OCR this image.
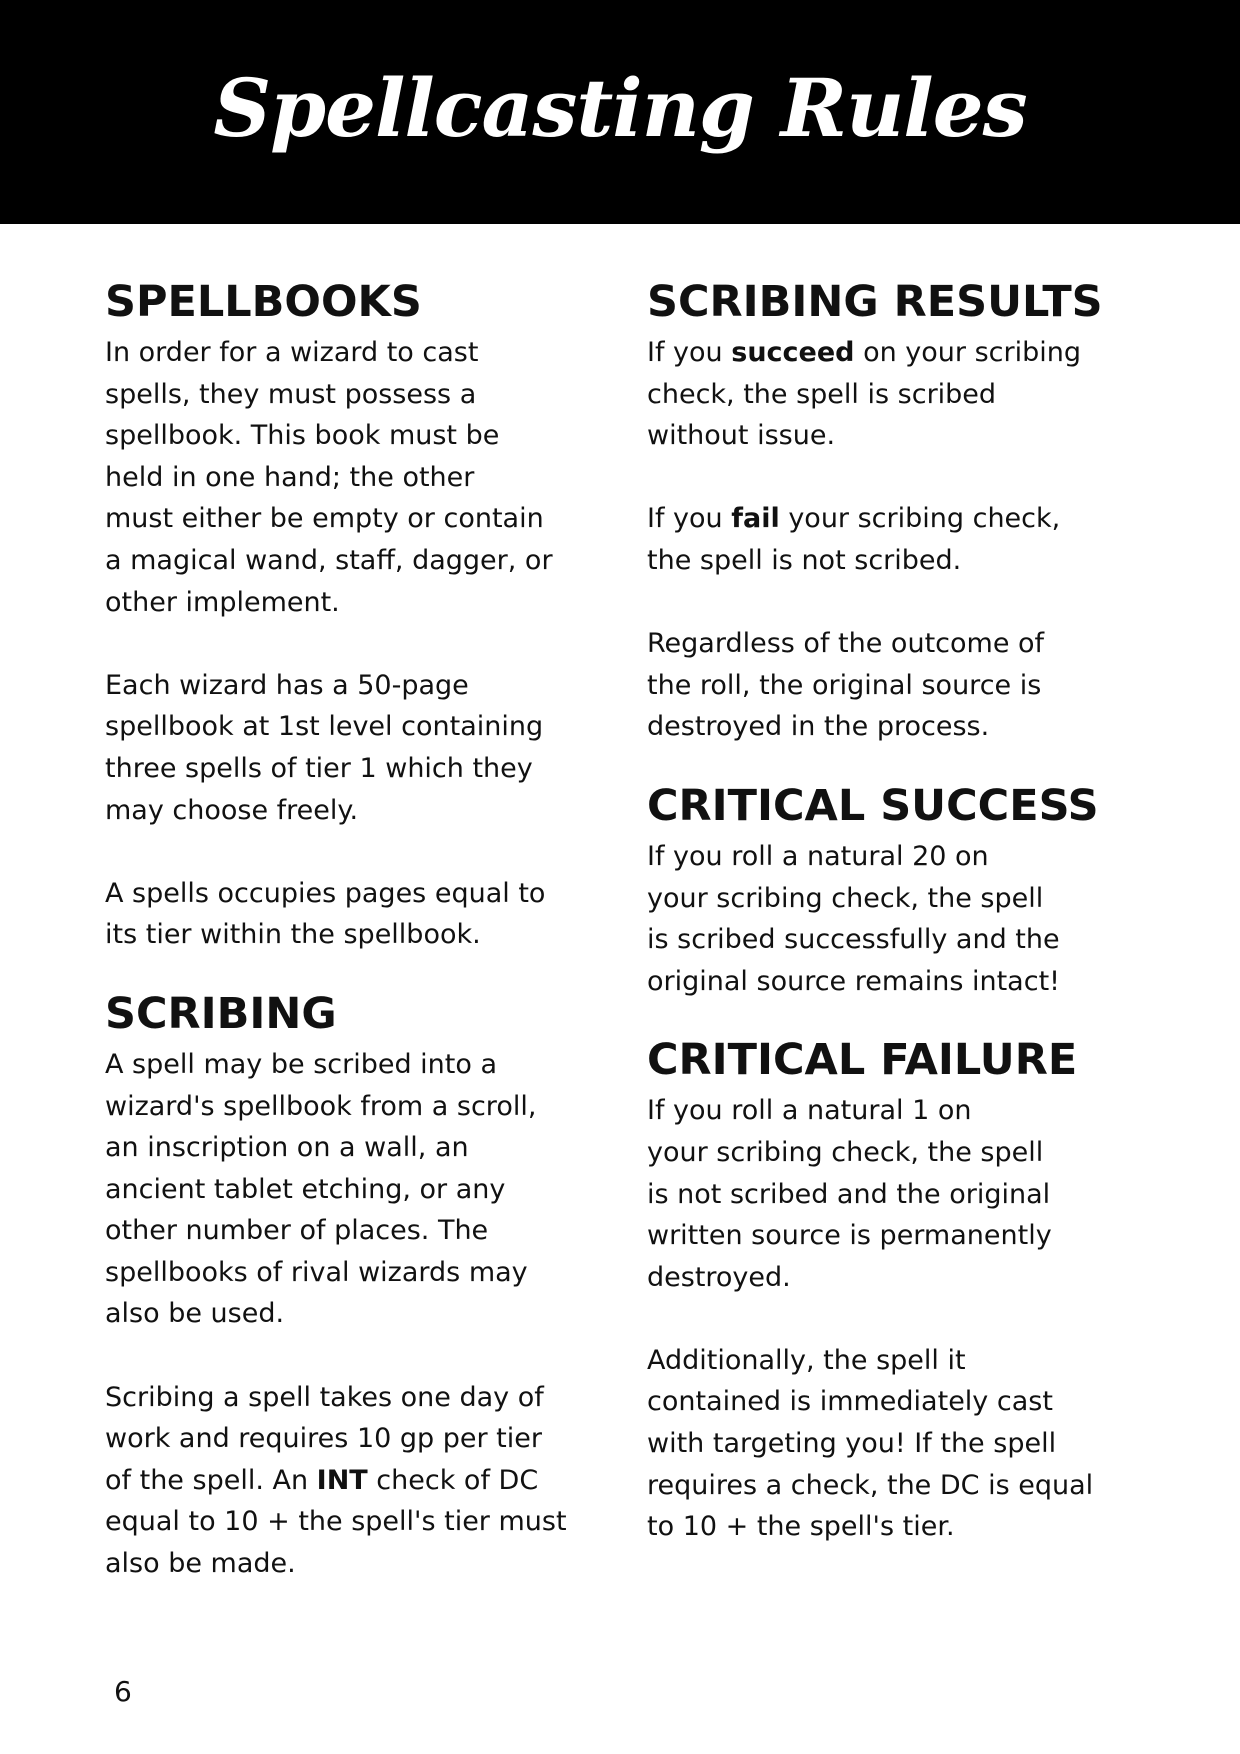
Spellcasting Rules
SPELLBOOKS

In order for a wizard to cast
spells, they must possess a
spellbook. This book must be
held in one hand; the other
must either be empty or contain
a magical wand, staff, dagger, or
other implement.

Each wizard has a 50-page
spellbook at 1st level containing
three spells of tier 1 which they
may choose freely.

A spells occupies pages equal to
its tier within the spellbook.

SCRIBING

A spell may be scribed into a
wizard's spellbook from a scroll,
an inscription on a wall, an
ancient tablet etching, or any
other number of places. The
spellbooks of rival wizards may
also be used.

Scribing a spell takes one day of
work and requires 10 gp per tier
of the spell. An INT check of DC
equal to 10 + the spell's tier must
also be made.

SCRIBING RESULTS

If you succeed on your scribing
check, the spell is scribed
without issue.

If you fail your scribing check,
the spell is not scribed.

Regardless of the outcome of
the roll, the original source is
destroyed in the process.

CRITICAL SUCCESS

If you roll a natural 20 on
your scribing check, the spell
is scribed successfully and the
original source remains intact!

CRITICAL FAILURE

If you roll a natural 1 on
your scribing check, the spell
is not scribed and the original
written source is permanently
destroyed.

Additionally, the spell it
contained is immediately cast
with targeting you! If the spell
requires a check, the DC is equal
to 10 + the spell's tier.

6
